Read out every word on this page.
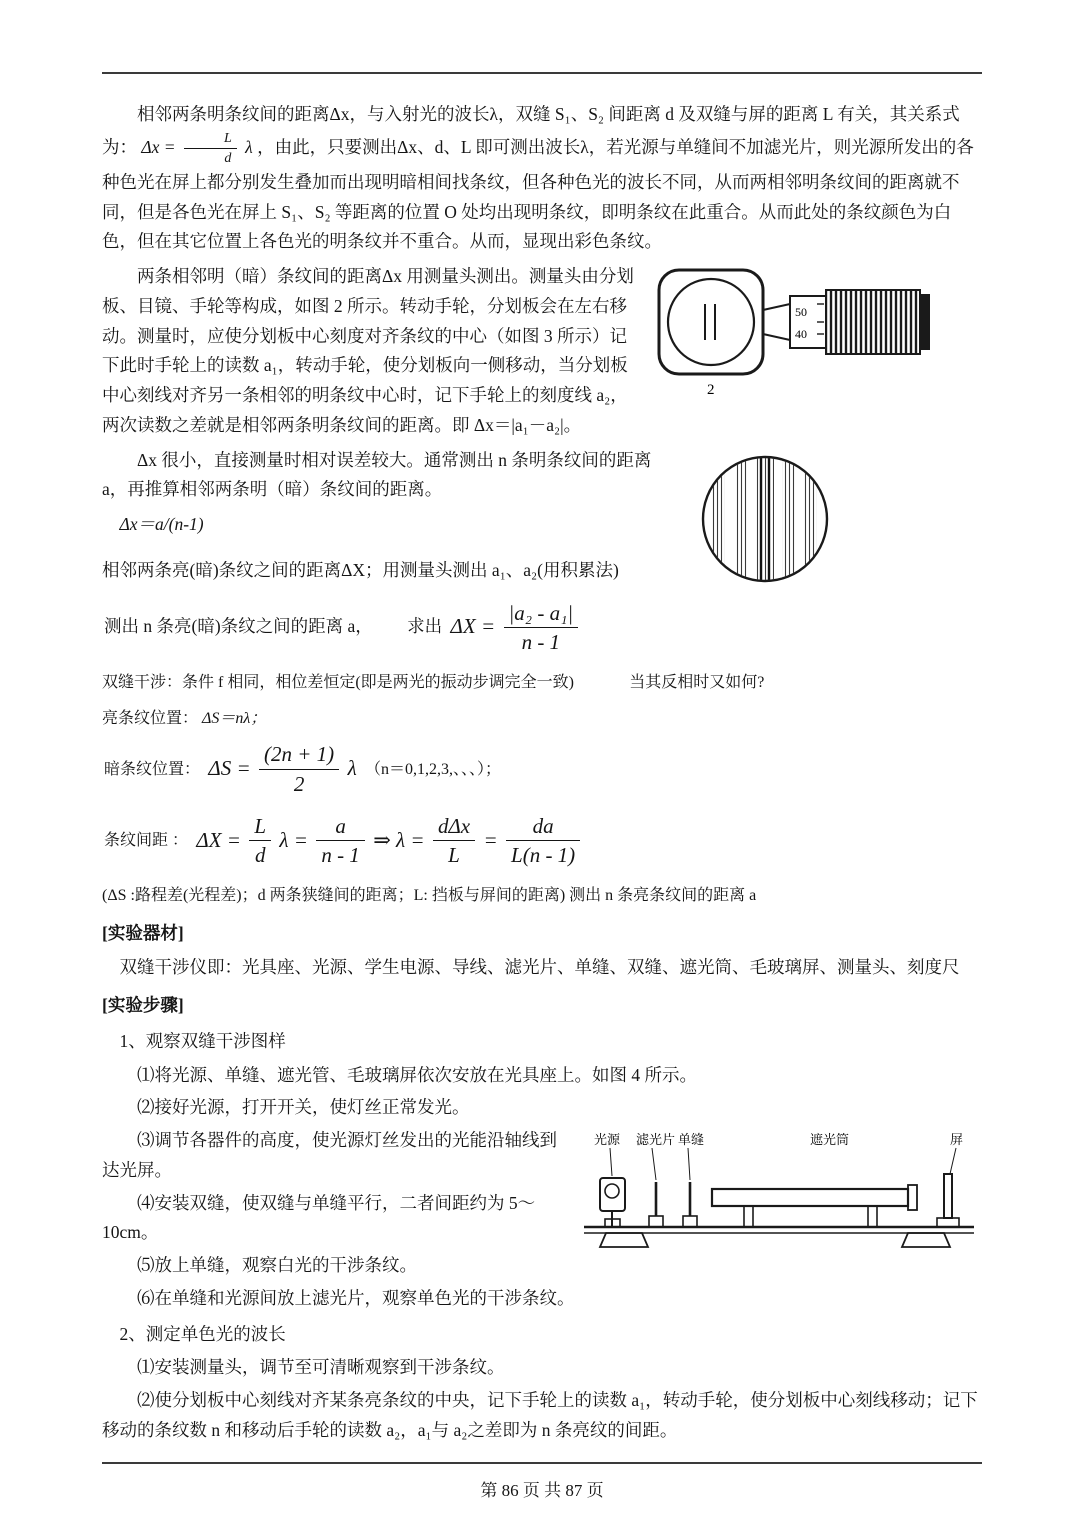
相邻两条明条纹间的距离Δx，与入射光的波长λ，双缝 S₁、S₂ 间距离 d 及双缝与屏的距离 L 有关，其关系式为： $\Delta x = \frac{L}{d}$ λ ，由此，只要测出Δx、d、L 即可测出波长λ，若光源与单缝间不加滤光片，则光源所发出的各种色光在屏上都分别发生叠加而出现明暗相间找条纹，但各种色光的波长不同，从而两相邻明条纹间的距离就不同，但是各色光在屏上 S₁、S₂ 等距离的位置 O 处均出现明条纹，即明条纹在此重合。从而此处的条纹颜色为白色，但在其它位置上各色光的明条纹并不重合。从而，显现出彩色条纹。

50
40
2

两条相邻明（暗）条纹间的距离Δx 用测量头测出。测量头由分划板、目镜、手轮等构成，如图 2 所示。转动手轮，分划板会在左右移动。测量时，应使分划板中心刻度对齐条纹的中心（如图 3 所示）记下此时手轮上的读数 a₁，转动手轮，使分划板向一侧移动，当分划板中心刻线对齐另一条相邻的明条纹中心时，记下手轮上的刻度线 a₂，两次读数之差就是相邻两条明条纹间的距离。即 Δx＝|a₁－a₂|。

Δx 很小，直接测量时相对误差较大。通常测出 n 条明条纹间的距离 a，再推算相邻两条明（暗）条纹间的距离。

Δx＝a/(n-1)

相邻两条亮(暗)条纹之间的距离ΔX；用测量头测出 a₁、a₂(用积累法)

测出 n 条亮(暗)条纹之间的距离 a， 求出 $\Delta X = \frac{\text{|a₂ - a₁|}}{n - 1}$

双缝干涉：条件 f 相同，相位差恒定(即是两光的振动步调完全一致)	当其反相时又如何?

亮条纹位置： ΔS＝nλ；

暗条纹位置： $\Delta S = \frac{(2n + 1)}{2}$ λ （n＝0,1,2,3,、、、）；
条纹间距 ： $\Delta X = \frac{L}{d}$ $\lambda = \frac{a}{n - 1}$ ⇒ $\lambda = \frac{\text{dΔx}}{L} = \frac{da}{L(n - 1)}$

(ΔS :路程差(光程差)；d 两条狭缝间的距离；L: 挡板与屏间的距离) 测出 n 条亮条纹间的距离 a

[实验器材]

双缝干涉仪即：光具座、光源、学生电源、导线、滤光片、单缝、双缝、遮光筒、毛玻璃屏、测量头、刻度尺

[实验步骤]

1、观察双缝干涉图样

⑴将光源、单缝、遮光管、毛玻璃屏依次安放在光具座上。如图 4 所示。

⑵接好光源，打开开关，使灯丝正常发光。

光源 滤光片 单缝	遮光筒	屏

⑶调节各器件的高度，使光源灯丝发出的光能沿轴线到达光屏。

⑷安装双缝，使双缝与单缝平行，二者间距约为 5～10cm。

⑸放上单缝，观察白光的干涉条纹。

⑹在单缝和光源间放上滤光片，观察单色光的干涉条纹。

2、测定单色光的波长

⑴安装测量头，调节至可清晰观察到干涉条纹。

⑵使分划板中心刻线对齐某条亮条纹的中央，记下手轮上的读数 a₁，转动手轮，使分划板中心刻线移动；记下移动的条纹数 n 和移动后手轮的读数 a₂，a₁与 a₂之差即为 n 条亮纹的间距。

第 86 页 共 87 页
